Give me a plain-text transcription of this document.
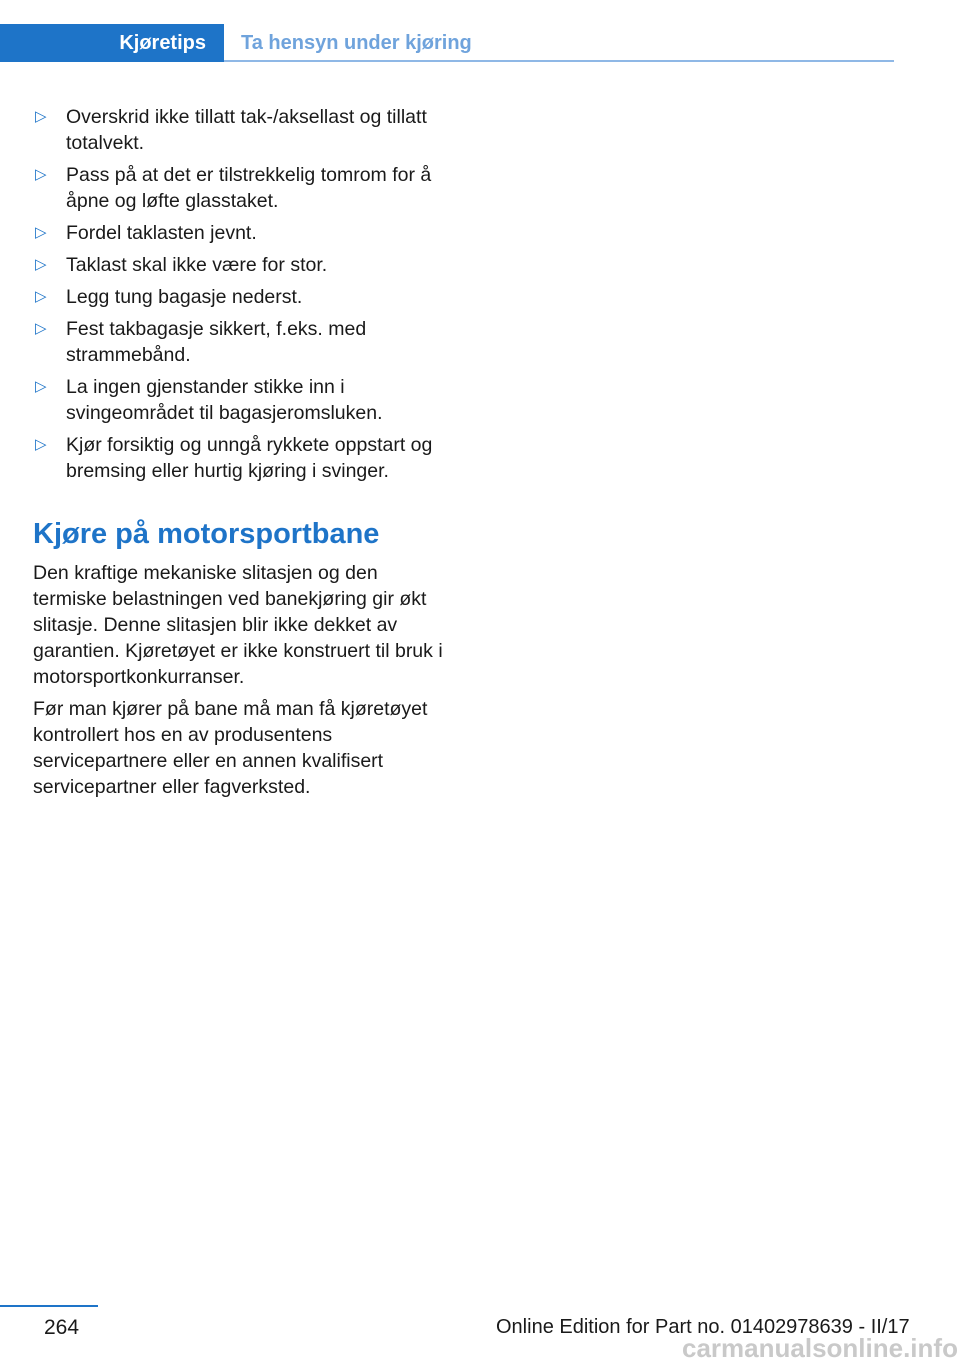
Kjøretips Ta hensyn under kjøring
▷ Overskrid ikke tillatt tak-/aksellast og tillatt totalvekt.
▷ Pass på at det er tilstrekkelig tomrom for å åpne og løfte glasstaket.
▷ Fordel taklasten jevnt.
▷ Taklast skal ikke være for stor.
▷ Legg tung bagasje nederst.
▷ Fest takbagasje sikkert, f.eks. med strammebånd.
▷ La ingen gjenstander stikke inn i svingeområdet til bagasjeromsluken.
▷ Kjør forsiktig og unngå rykkete oppstart og bremsing eller hurtig kjøring i svinger.
Kjøre på motorsportbane

Den kraftige mekaniske slitasjen og den termiske belastningen ved banekjøring gir økt slitasje. Denne slitasjen blir ikke dekket av garantien. Kjøretøyet er ikke konstruert til bruk i motorsportkonkurranser.

Før man kjører på bane må man få kjøretøyet kontrollert hos en av produsentens servicepartnere eller en annen kvalifisert servicepartner eller fagverksted.

264	Online Edition for Part no. 01402978639 - II/17
carmanualsonline.info
